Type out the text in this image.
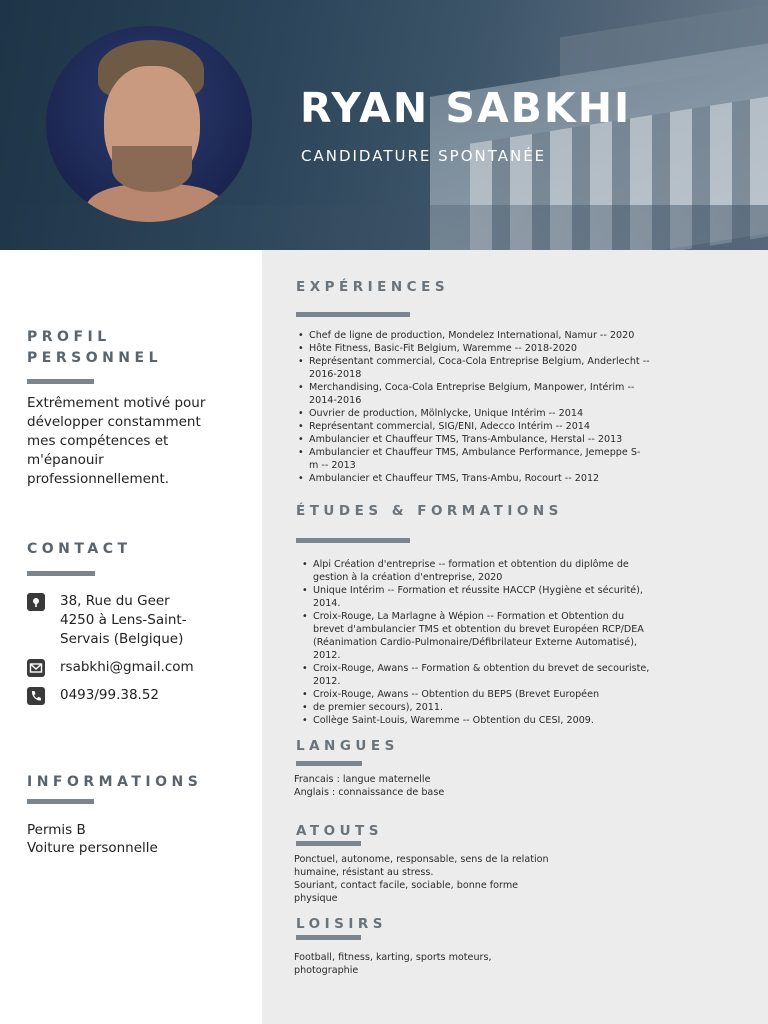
RYAN SABKHI
CANDIDATURE SPONTANÉE
PROFIL
PERSONNEL
Extrêmement motivé pour
développer constamment
mes compétences et
m'épanouir
professionnellement.
CONTACT
38, Rue du Geer
4250 à Lens-Saint-
Servais (Belgique)
rsabkhi@gmail.com
0493/99.38.52
INFORMATIONS
Permis B
Voiture personnelle
EXPÉRIENCES
• Chef de ligne de production, Mondelez International, Namur -- 2020
• Hôte Fitness, Basic-Fit Belgium, Waremme -- 2018-2020
• Représentant commercial, Coca-Cola Entreprise Belgium, Anderlecht --
2016-2018
• Merchandising, Coca-Cola Entreprise Belgium, Manpower, Intérim --
2014-2016
• Ouvrier de production, Mölnlycke, Unique Intérim -- 2014
• Représentant commercial, SIG/ENI, Adecco Intérim -- 2014
• Ambulancier et Chauffeur TMS, Trans-Ambulance, Herstal -- 2013
• Ambulancier et Chauffeur TMS, Ambulance Performance, Jemeppe S-
m -- 2013
• Ambulancier et Chauffeur TMS, Trans-Ambu, Rocourt -- 2012
ÉTUDES & FORMATIONS
• Alpi Création d'entreprise -- formation et obtention du diplôme de
gestion à la création d'entreprise, 2020
• Unique Intérim -- Formation et réussite HACCP (Hygiène et sécurité),
2014.
• Croix-Rouge, La Marlagne à Wépion -- Formation et Obtention du
brevet d'ambulancier TMS et obtention du brevet Européen RCP/DEA
(Réanimation Cardio-Pulmonaire/Défibrilateur Externe Automatisé),
2012.
• Croix-Rouge, Awans -- Formation & obtention du brevet de secouriste,
2012.
• Croix-Rouge, Awans -- Obtention du BEPS (Brevet Européen
• de premier secours), 2011.
• Collège Saint-Louis, Waremme -- Obtention du CESI, 2009.
LANGUES
Francais : langue maternelle
Anglais : connaissance de base
ATOUTS
Ponctuel, autonome, responsable, sens de la relation
humaine, résistant au stress.
Souriant, contact facile, sociable, bonne forme
physique
LOISIRS
Football, fitness, karting, sports moteurs,
photographie
